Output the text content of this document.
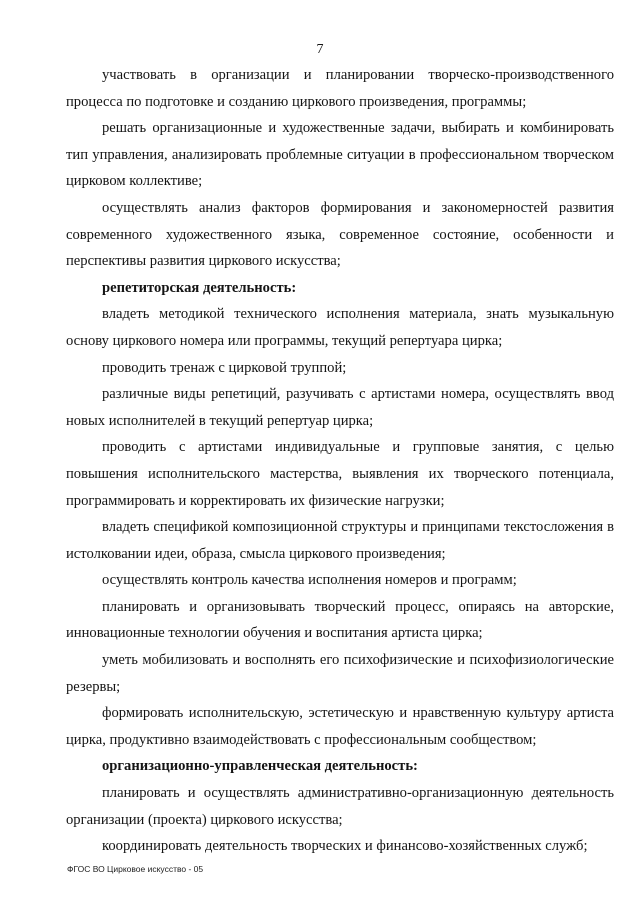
7

участвовать в организации и планировании творческо-производственного процесса по подготовке и созданию циркового произведения, программы;

решать организационные и художественные задачи, выбирать и комбинировать тип управления, анализировать проблемные ситуации в профессиональном творческом цирковом коллективе;

осуществлять анализ факторов формирования и закономерностей развития современного художественного языка, современное состояние, особенности и перспективы развития циркового искусства;

репетиторская деятельность:

владеть методикой технического исполнения материала, знать музыкальную основу циркового номера или программы, текущий репертуара цирка;

проводить тренаж с цирковой труппой;

различные виды репетиций, разучивать с артистами номера, осуществлять ввод новых исполнителей в текущий репертуар цирка;

проводить с артистами индивидуальные и групповые занятия, с целью повышения исполнительского мастерства, выявления их творческого потенциала, программировать и корректировать их физические нагрузки;

владеть спецификой композиционной структуры и принципами текстосложения в истолковании идеи, образа, смысла циркового произведения;

осуществлять контроль качества исполнения номеров и программ;

планировать и организовывать творческий процесс, опираясь на авторские, инновационные технологии обучения и воспитания артиста цирка;

уметь мобилизовать и восполнять его психофизические и психофизиологические резервы;

формировать исполнительскую, эстетическую и нравственную культуру артиста цирка, продуктивно взаимодействовать с профессиональным сообществом;

организационно-управленческая деятельность:

планировать и осуществлять административно-организационную деятельность организации (проекта) циркового искусства;

координировать деятельность творческих и финансово-хозяйственных служб;

ФГОС ВО Цирковое искусство - 05
